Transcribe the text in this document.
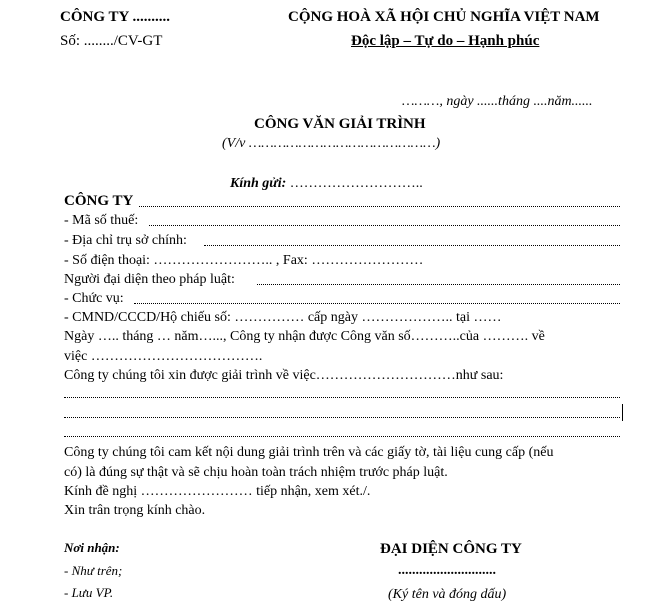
CÔNG TY ..........
Số: ......../CV-GT
CỘNG HOÀ XÃ HỘI CHỦ NGHĨA VIỆT NAM
Độc lập – Tự do – Hạnh phúc
………, ngày ......tháng ....năm......
CÔNG VĂN GIẢI TRÌNH
(V/v ………………………………………)
Kính gửi: ………………………..
CÔNG TY
- Mã số thuế:
- Địa chỉ trụ sở chính:
- Số điện thoại: …………………….. , Fax: ……………………
Người đại diện theo pháp luật:
- Chức vụ:
- CMND/CCCD/Hộ chiếu số: …………… cấp ngày ……………….. tại ……
Ngày ….. tháng … năm…..., Công ty nhận được Công văn số………..của ………. về
việc ……………………………….
Công ty chúng tôi xin được giải trình về việc…………………………như sau:
Công ty chúng tôi cam kết nội dung giải trình trên và các giấy tờ, tài liệu cung cấp (nếu
có) là đúng sự thật và sẽ chịu hoàn toàn trách nhiệm trước pháp luật.
Kính đề nghị …………………… tiếp nhận, xem xét./.
Xin trân trọng kính chào.
Nơi nhận:
- Như trên;
- Lưu VP.
ĐẠI DIỆN CÔNG TY
............................
(Ký tên và đóng dấu)
